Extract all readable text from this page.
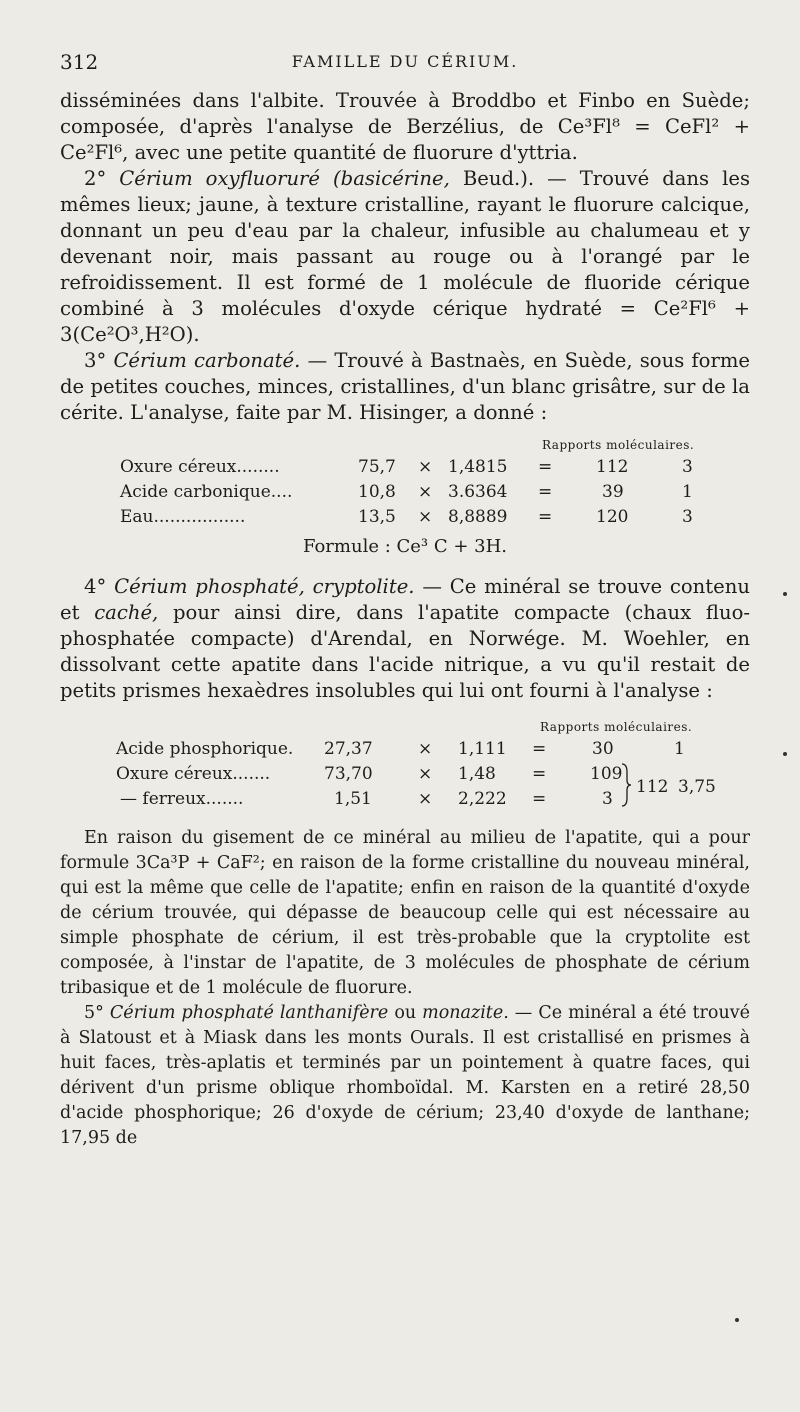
312	FAMILLE DU CÉRIUM.

disséminées dans l'albite. Trouvée à Broddbo et Finbo en Suède; composée, d'après l'analyse de Berzélius, de Ce³Fl⁸ = CeFl² + Ce²Fl⁶, avec une petite quantité de fluorure d'yttria.

2° Cérium oxyfluoruré (basicérine, Beud.). — Trouvé dans les mêmes lieux; jaune, à texture cristalline, rayant le fluorure calcique, donnant un peu d'eau par la chaleur, infusible au chalumeau et y devenant noir, mais passant au rouge ou à l'orangé par le refroidissement. Il est formé de 1 molécule de fluoride cérique combiné à 3 molécules d'oxyde cérique hydraté = Ce²Fl⁶ + 3(Ce²O³,H²O).

3° Cérium carbonaté. — Trouvé à Bastnaès, en Suède, sous forme de petites couches, minces, cristallines, d'un blanc grisâtre, sur de la cérite. L'analyse, faite par M. Hisinger, a donné :

Rapports moléculaires.
Oxure céreux........	75,7 × 1,4815 =	112	3
Acide carbonique....	10,8 × 3.6364 =	39	1
Eau.................	13,5 × 8,8889 =	120	3
Formule : Ce³ C + 3H.

4° Cérium phosphaté, cryptolite. — Ce minéral se trouve contenu et caché, pour ainsi dire, dans l'apatite compacte (chaux fluo-phosphatée compacte) d'Arendal, en Norwége. M. Woehler, en dissolvant cette apatite dans l'acide nitrique, a vu qu'il restait de petits prismes hexaèdres insolubles qui lui ont fourni à l'analyse :

Rapports moléculaires.
Acide phosphorique. 27,37	× 1,111 =	30	1
Oxure céreux.......	73,70	× 1,48 =	109
— ferreux.......	1,51	× 2,222 =	3
112 3,75

En raison du gisement de ce minéral au milieu de l'apatite, qui a pour formule 3Ca³P + CaF²; en raison de la forme cristalline du nouveau minéral, qui est la même que celle de l'apatite; enfin en raison de la quantité d'oxyde de cérium trouvée, qui dépasse de beaucoup celle qui est nécessaire au simple phosphate de cérium, il est très-probable que la cryptolite est composée, à l'instar de l'apatite, de 3 molécules de phosphate de cérium tribasique et de 1 molécule de fluorure.

5° Cérium phosphaté lanthanifère ou monazite. — Ce minéral a été trouvé à Slatoust et à Miask dans les monts Ourals. Il est cristallisé en prismes à huit faces, très-aplatis et terminés par un pointement à quatre faces, qui dérivent d'un prisme oblique rhomboïdal. M. Karsten en a retiré 28,50 d'acide phosphorique; 26 d'oxyde de cérium; 23,40 d'oxyde de lanthane; 17,95 de
